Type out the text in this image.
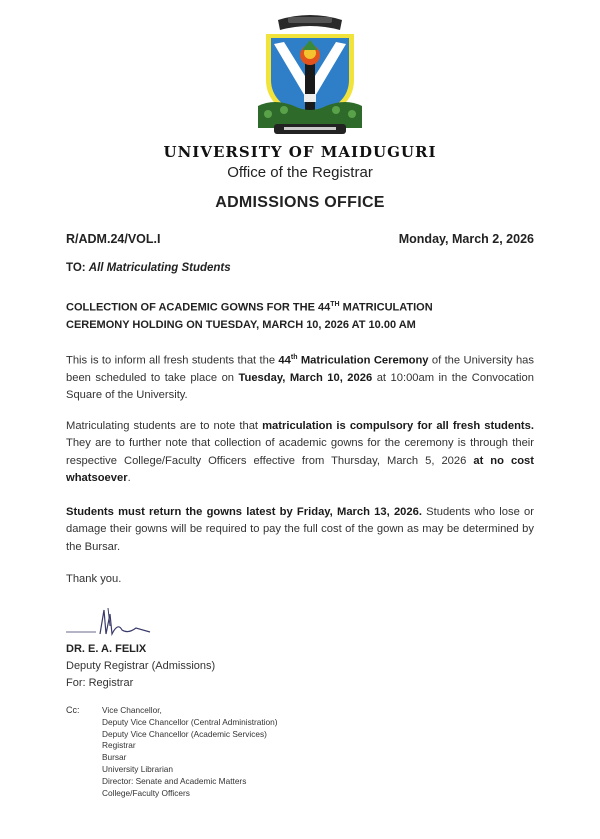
UNIVERSITY OF MAIDUGURI
Office of the Registrar
ADMISSIONS OFFICE
R/ADM.24/VOL.I	Monday, March 2, 2026
TO: All Matriculating Students
COLLECTION OF ACADEMIC GOWNS FOR THE 44TH MATRICULATION
CEREMONY HOLDING ON TUESDAY, MARCH 10, 2026 AT 10.00 AM
This is to inform all fresh students that the 44th Matriculation Ceremony of the University has been scheduled to take place on Tuesday, March 10, 2026 at 10:00am in the Convocation Square of the University.
Matriculating students are to note that matriculation is compulsory for all fresh students. They are to further note that collection of academic gowns for the ceremony is through their respective College/Faculty Officers effective from Thursday, March 5, 2026 at no cost whatsoever.
Students must return the gowns latest by Friday, March 13, 2026. Students who lose or damage their gowns will be required to pay the full cost of the gown as may be determined by the Bursar.
Thank you.
DR. E. A. FELIX
Deputy Registrar (Admissions)
For: Registrar
Cc:	Vice Chancellor,
Deputy Vice Chancellor (Central Administration)
Deputy Vice Chancellor (Academic Services)
Registrar
Bursar
University Librarian
Director: Senate and Academic Matters
College/Faculty Officers
